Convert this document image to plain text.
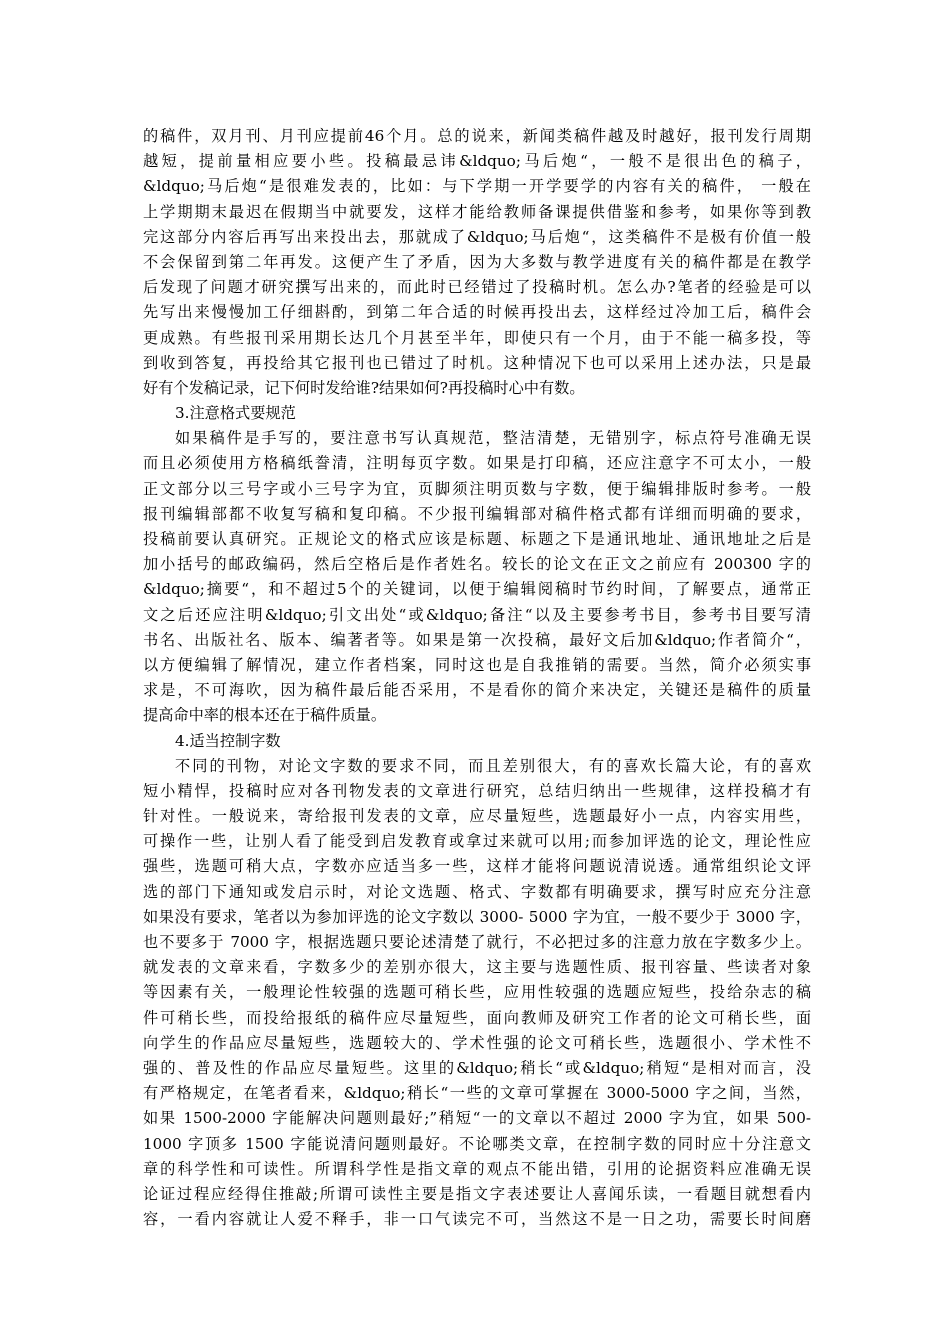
的稿件，双月刊、月刊应提前46个月。总的说来，新闻类稿件越及时越好，报刊发行周期
越短，提前量相应要小些。投稿最忌讳&ldquo;马后炮“，一般不是很出色的稿子，
&ldquo;马后炮“是很难发表的，比如：与下学期一开学要学的内容有关的稿件， 一般在
上学期期末最迟在假期当中就要发，这样才能给教师备课提供借鉴和参考，如果你等到教
完这部分内容后再写出来投出去，那就成了&ldquo;马后炮“，这类稿件不是极有价值一般
不会保留到第二年再发。这便产生了矛盾，因为大多数与教学进度有关的稿件都是在教学
后发现了问题才研究撰写出来的，而此时已经错过了投稿时机。怎么办?笔者的经验是可以
先写出来慢慢加工仔细斟酌，到第二年合适的时候再投出去，这样经过冷加工后，稿件会
更成熟。有些报刊采用期长达几个月甚至半年，即使只有一个月，由于不能一稿多投，等
到收到答复，再投给其它报刊也已错过了时机。这种情况下也可以采用上述办法，只是最
好有个发稿记录，记下何时发给谁?结果如何?再投稿时心中有数。
3.注意格式要规范
如果稿件是手写的，要注意书写认真规范，整洁清楚，无错别字，标点符号准确无误
而且必须使用方格稿纸誊清，注明每页字数。如果是打印稿，还应注意字不可太小，一般
正文部分以三号字或小三号字为宜，页脚须注明页数与字数，便于编辑排版时参考。一般
报刊编辑部都不收复写稿和复印稿。不少报刊编辑部对稿件格式都有详细而明确的要求，
投稿前要认真研究。正规论文的格式应该是标题、标题之下是通讯地址、通讯地址之后是
加小括号的邮政编码，然后空格后是作者姓名。较长的论文在正文之前应有 200300 字的
&ldquo;摘要“，和不超过5个的关键词，以便于编辑阅稿时节约时间，了解要点，通常正
文之后还应注明&ldquo;引文出处“或&ldquo;备注“以及主要参考书目，参考书目要写清
书名、出版社名、版本、编著者等。如果是第一次投稿，最好文后加&ldquo;作者简介“，
以方便编辑了解情况，建立作者档案，同时这也是自我推销的需要。当然，简介必须实事
求是，不可海吹，因为稿件最后能否采用，不是看你的简介来决定，关键还是稿件的质量
提高命中率的根本还在于稿件质量。
4.适当控制字数
不同的刊物，对论文字数的要求不同，而且差别很大，有的喜欢长篇大论，有的喜欢
短小精悍，投稿时应对各刊物发表的文章进行研究，总结归纳出一些规律，这样投稿才有
针对性。一般说来，寄给报刊发表的文章，应尽量短些，选题最好小一点，内容实用些，
可操作一些，让别人看了能受到启发教育或拿过来就可以用;而参加评选的论文，理论性应
强些，选题可稍大点，字数亦应适当多一些，这样才能将问题说清说透。通常组织论文评
选的部门下通知或发启示时，对论文选题、格式、字数都有明确要求，撰写时应充分注意
如果没有要求，笔者以为参加评选的论文字数以 3000- 5000 字为宜，一般不要少于 3000 字，
也不要多于 7000 字，根据选题只要论述清楚了就行，不必把过多的注意力放在字数多少上。
就发表的文章来看，字数多少的差别亦很大，这主要与选题性质、报刊容量、些读者对象
等因素有关，一般理论性较强的选题可稍长些，应用性较强的选题应短些，投给杂志的稿
件可稍长些，而投给报纸的稿件应尽量短些，面向教师及研究工作者的论文可稍长些，面
向学生的作品应尽量短些，选题较大的、学术性强的论文可稍长些，选题很小、学术性不
强的、普及性的作品应尽量短些。这里的&ldquo;稍长“或&ldquo;稍短“是相对而言，没
有严格规定，在笔者看来，&ldquo;稍长“一些的文章可掌握在 3000-5000 字之间，当然，
如果 1500-2000 字能解决问题则最好;”稍短“一的文章以不超过 2000 字为宜，如果 500-
1000 字顶多 1500 字能说清问题则最好。不论哪类文章，在控制字数的同时应十分注意文
章的科学性和可读性。所谓科学性是指文章的观点不能出错，引用的论据资料应准确无误
论证过程应经得住推敲;所谓可读性主要是指文字表述要让人喜闻乐读，一看题目就想看内
容，一看内容就让人爱不释手，非一口气读完不可，当然这不是一日之功，需要长时间磨
